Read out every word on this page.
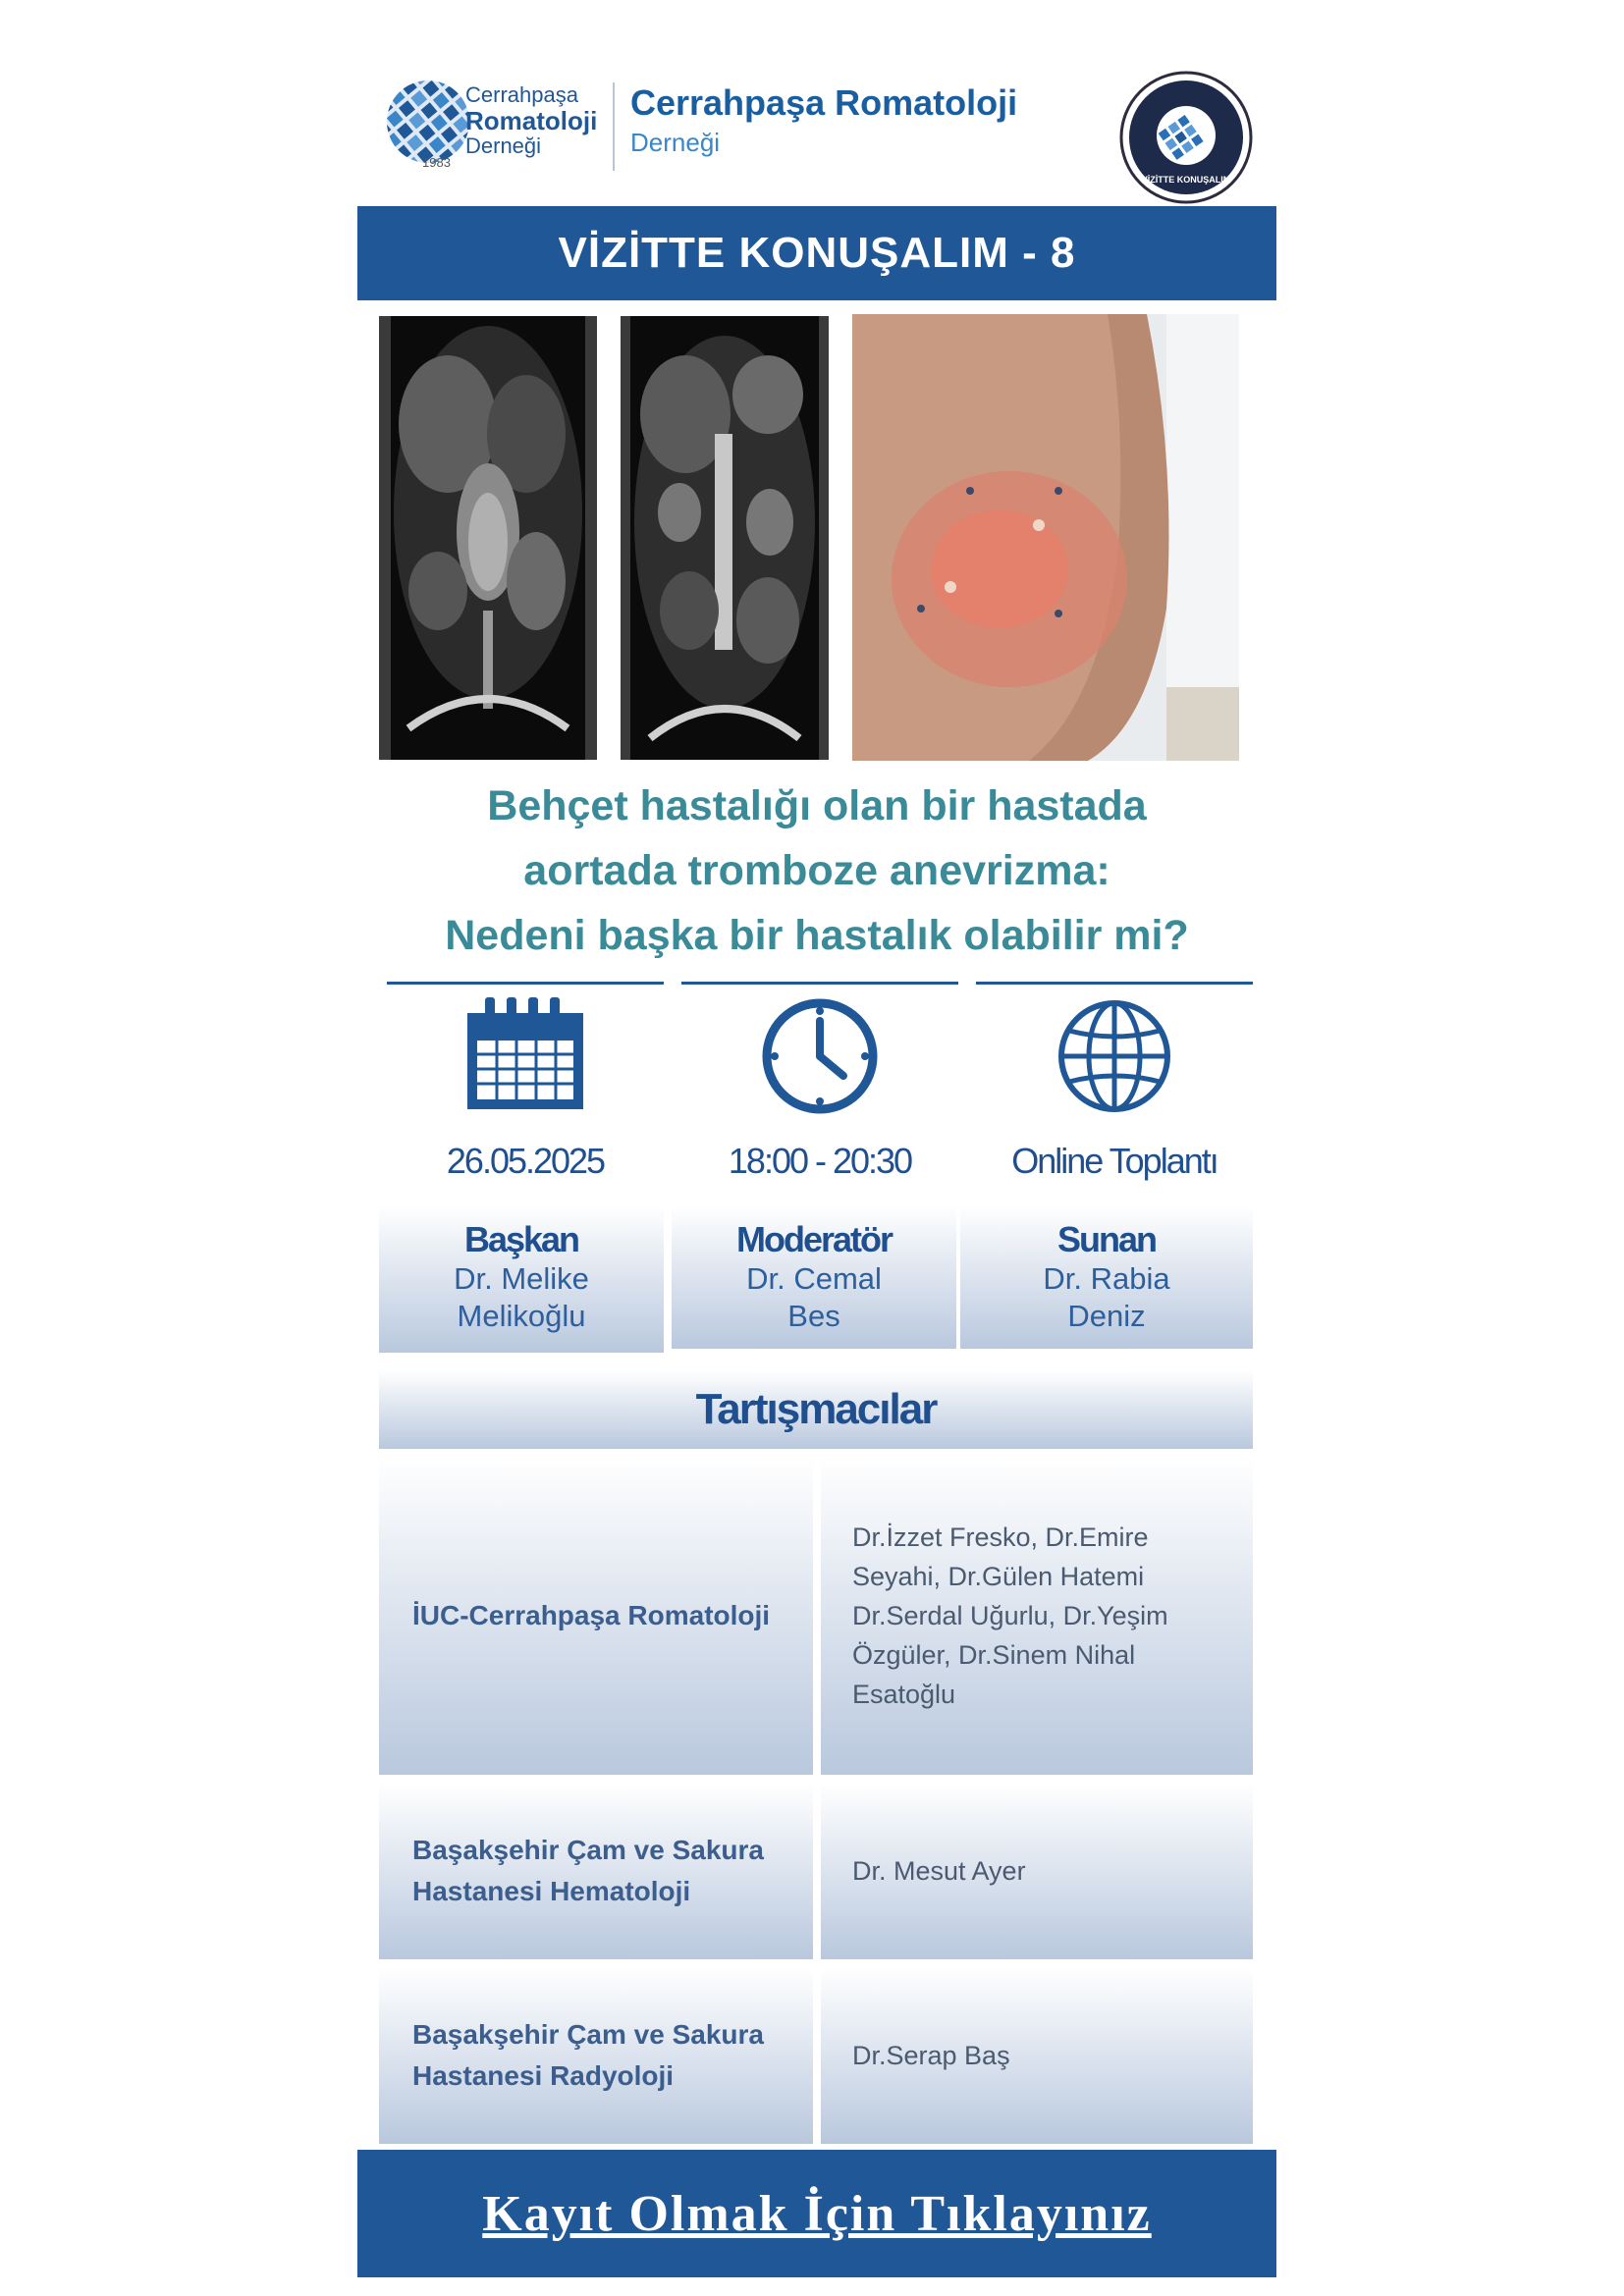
1983
Cerrahpaşa
Romatoloji
Derneği
Cerrahpaşa Romatoloji
Derneği
VİZİTTE KONUŞALIM
VİZİTTE KONUŞALIM - 8
Behçet hastalığı olan bir hastada
aortada tromboze anevrizma:
Nedeni başka bir hastalık olabilir mi?
26.05.2025	18:00 - 20:30	Online Toplantı
Başkan
Dr. Melike
Melikoğlu
Moderatör
Dr. Cemal
Bes
Sunan
Dr. Rabia
Deniz
Tartışmacılar
İUC-Cerrahpaşa Romatoloji
Dr.İzzet Fresko, Dr.Emire
Seyahi, Dr.Gülen Hatemi
Dr.Serdal Uğurlu, Dr.Yeşim
Özgüler, Dr.Sinem Nihal
Esatoğlu
Başakşehir Çam ve Sakura
Hastanesi Hematoloji
Dr. Mesut Ayer
Başakşehir Çam ve Sakura
Hastanesi Radyoloji
Dr.Serap Baş
Kayıt Olmak İçin Tıklayınız
